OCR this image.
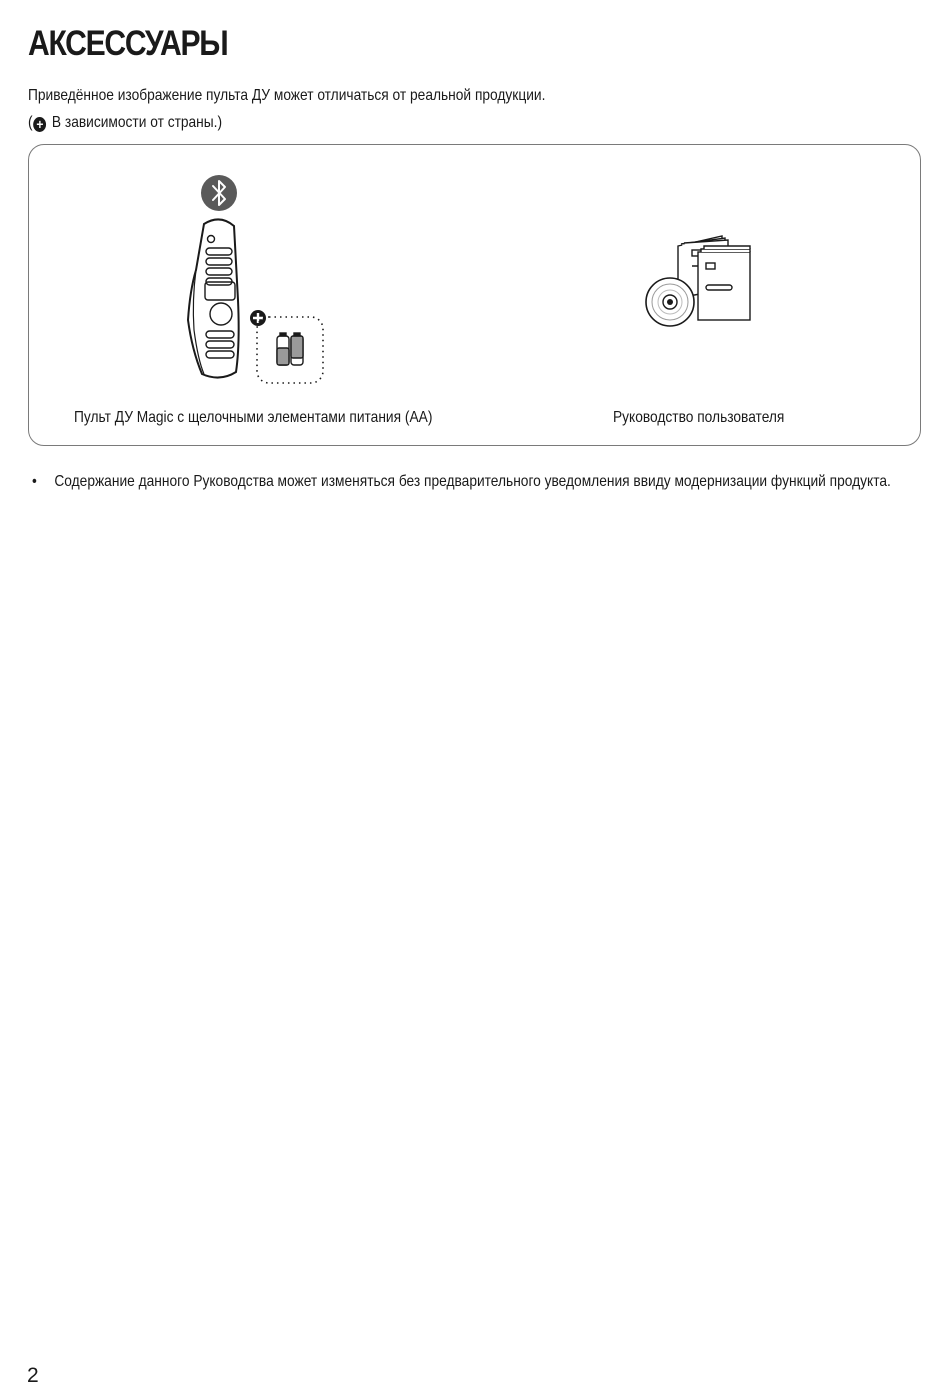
АКСЕССУАРЫ

Приведённое изображение пульта ДУ может отличаться от реальной продукции.

( + В зависимости от страны.)

Пульт ДУ Magic с щелочными элементами питания (AA)	Руководство пользователя

• Содержание данного Руководства может изменяться без предварительного уведомления ввиду модернизации функций продукта.

2
